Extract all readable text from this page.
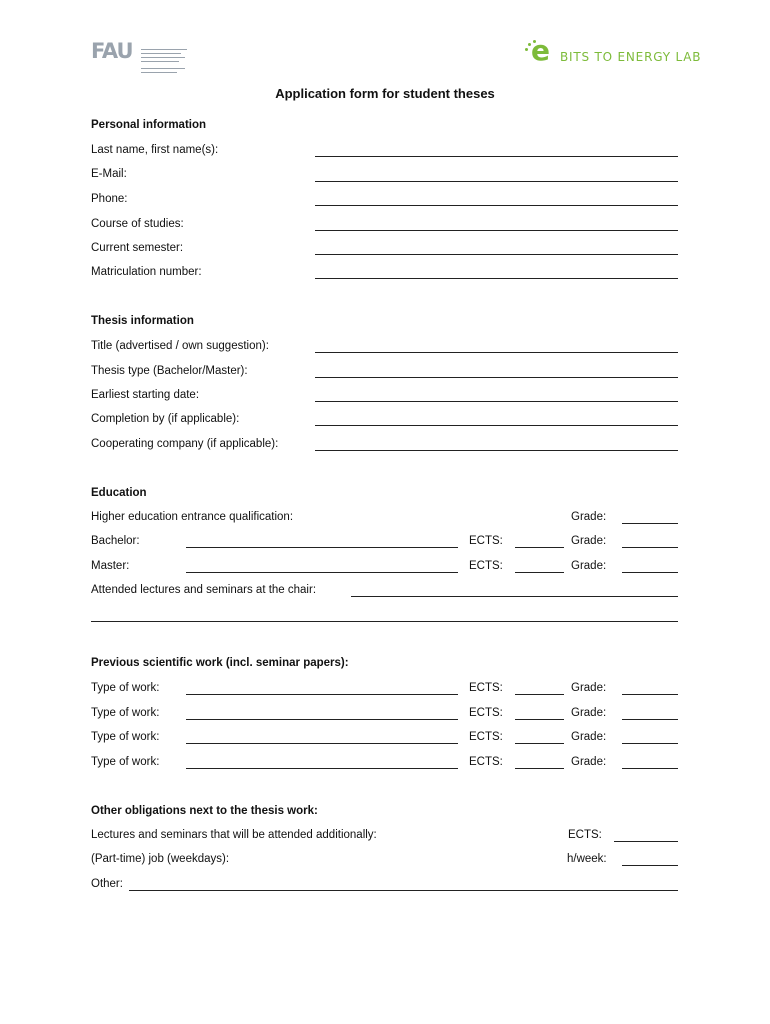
FAU	e BITS TO ENERGY LAB
Application form for student theses
Personal information
Last name, first name(s):
E-Mail:
Phone:
Course of studies:
Current semester:
Matriculation number:
Thesis information
Title (advertised / own suggestion):
Thesis type (Bachelor/Master):
Earliest starting date:
Completion by (if applicable):
Cooperating company (if applicable):
Education
Higher education entrance qualification:	Grade:
Bachelor:	ECTS:	Grade:
Master:	ECTS:	Grade:
Attended lectures and seminars at the chair:
Previous scientific work (incl. seminar papers):
Type of work:	ECTS:	Grade:
Type of work:	ECTS:	Grade:
Type of work:	ECTS:	Grade:
Type of work:	ECTS:	Grade:
Other obligations next to the thesis work:
Lectures and seminars that will be attended additionally:	ECTS:
(Part-time) job (weekdays):	h/week:
Other:
